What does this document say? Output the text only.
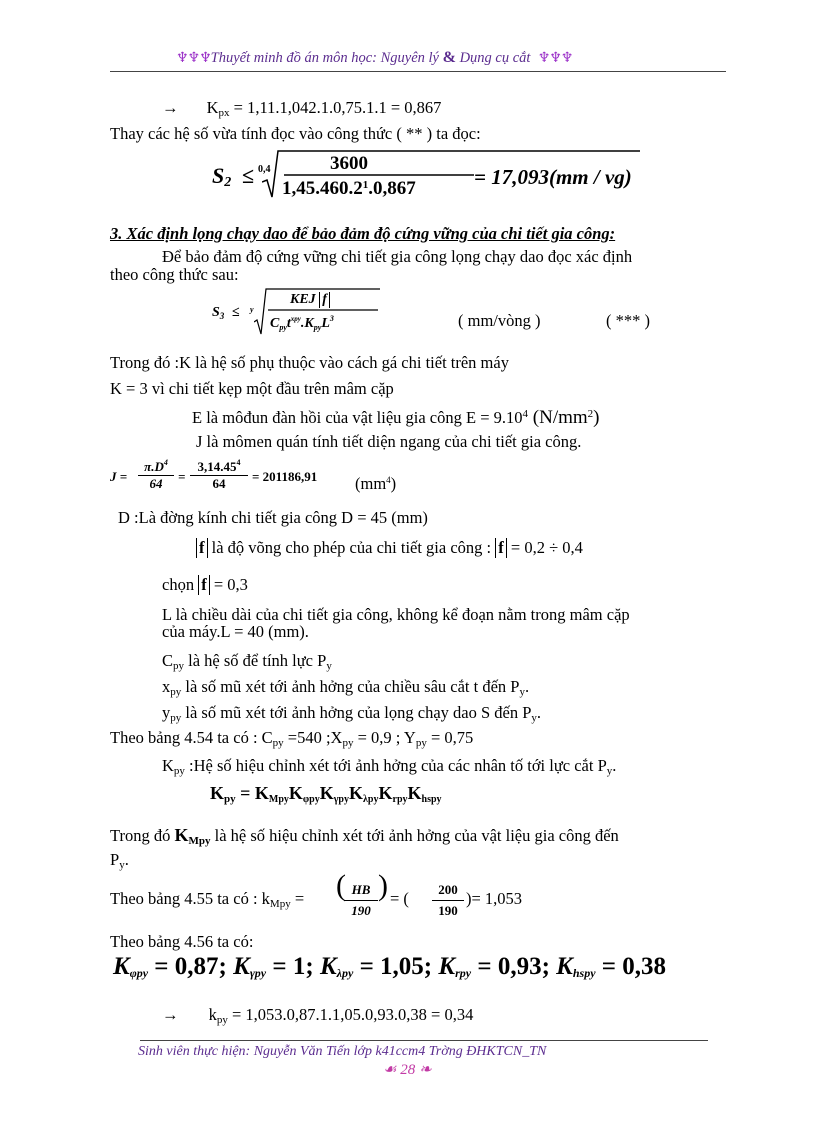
♆♆♆Thuyết minh đồ án môn học: Nguyên lý & Dụng cụ cắt ♆♆♆
→ $K_{px} = 1,11.1,042.1.0,75.1.1 = 0,867$
Thay các hệ số vừa tính đọc vào công thức ( ** ) ta đọc:
$S_2 \le 0,4$	3600
$1,45.460.2^1.0,867$	= 17,093(mm / vg)
3. Xác định lọng chạy dao để bảo đảm độ cứng vững của chi tiết gia công:
Để bảo đảm độ cứng vững chi tiết gia công lọng chạy dao đọc xác định
theo công thức sau:
$S_3 \le y$
KEJ f
$C_{py}t^{xpy}.K_{py}L^3$	( mm/vòng )	( *** )
Trong đó :K là hệ số phụ thuộc vào cách gá chi tiết trên máy
K = 3 vì chi tiết kẹp một đầu trên mâm cặp
E là môđun đàn hồi của vật liệu gia công $E = 9.10^4$ $(N/mm^2)$
J là mômen quán tính tiết diện ngang của chi tiết gia công.
$J = \frac{\pi.D^4}{64} = \frac{3,14.45^4}{64} = 201186,91$ $(mm^4)$
D :Là đờng kính chi tiết gia công D = 45 (mm)
f là độ võng cho phép của chi tiết gia công : f = 0,2 ÷ 0,4
chọn f = 0,3
L là chiều dài của chi tiết gia công, không kể đoạn nằm trong mâm cặp
của máy.L = 40 (mm).
$C_{py}$ là hệ số để tính lực $P_y$
$x_{py}$ là số mũ xét tới ảnh hởng của chiều sâu cắt t đến $P_y$.
$y_{py}$ là số mũ xét tới ảnh hởng của lọng chạy dao S đến $P_y$.
Theo bảng 4.54 ta có : $C_{py} =540$ $;X_{py} = 0,9$ ; $Y_{py} = 0,75$
$K_{py}$ :Hệ số hiệu chỉnh xét tới ảnh hởng của các nhân tố tới lực cắt $P_y$.
$K_{py} = K_{Mpy}K_{\varphi py}K_{\gamma py}K_{\lambda py}K_{rpy}K_{hspy}$
Trong đó $K_{Mpy}$ là hệ số hiệu chỉnh xét tới ảnh hởng của vật liệu gia công đến
$P_y$.
Theo bảng 4.55 ta có : $k_{Mpy}$ = (
$\frac{HB}{190}$ ) = ( $\frac{200}{190}$ )= 1,053
Theo bảng 4.56 ta có:
$K_{\varphi py} = 0,87$; $K_{\gamma py} = 1$; $K_{\lambda py} = 1,05$; $K_{rpy} = 0,93$; $K_{hspy} = 0,38$
→ $k_{py} = 1,053.0,87.1.1,05.0,93.0,38 = 0,34$
Sinh viên thực hiện: Nguyễn Văn Tiến lớp k41ccm4 Trờng ĐHKTCN_TN
☙ 28 ❧
